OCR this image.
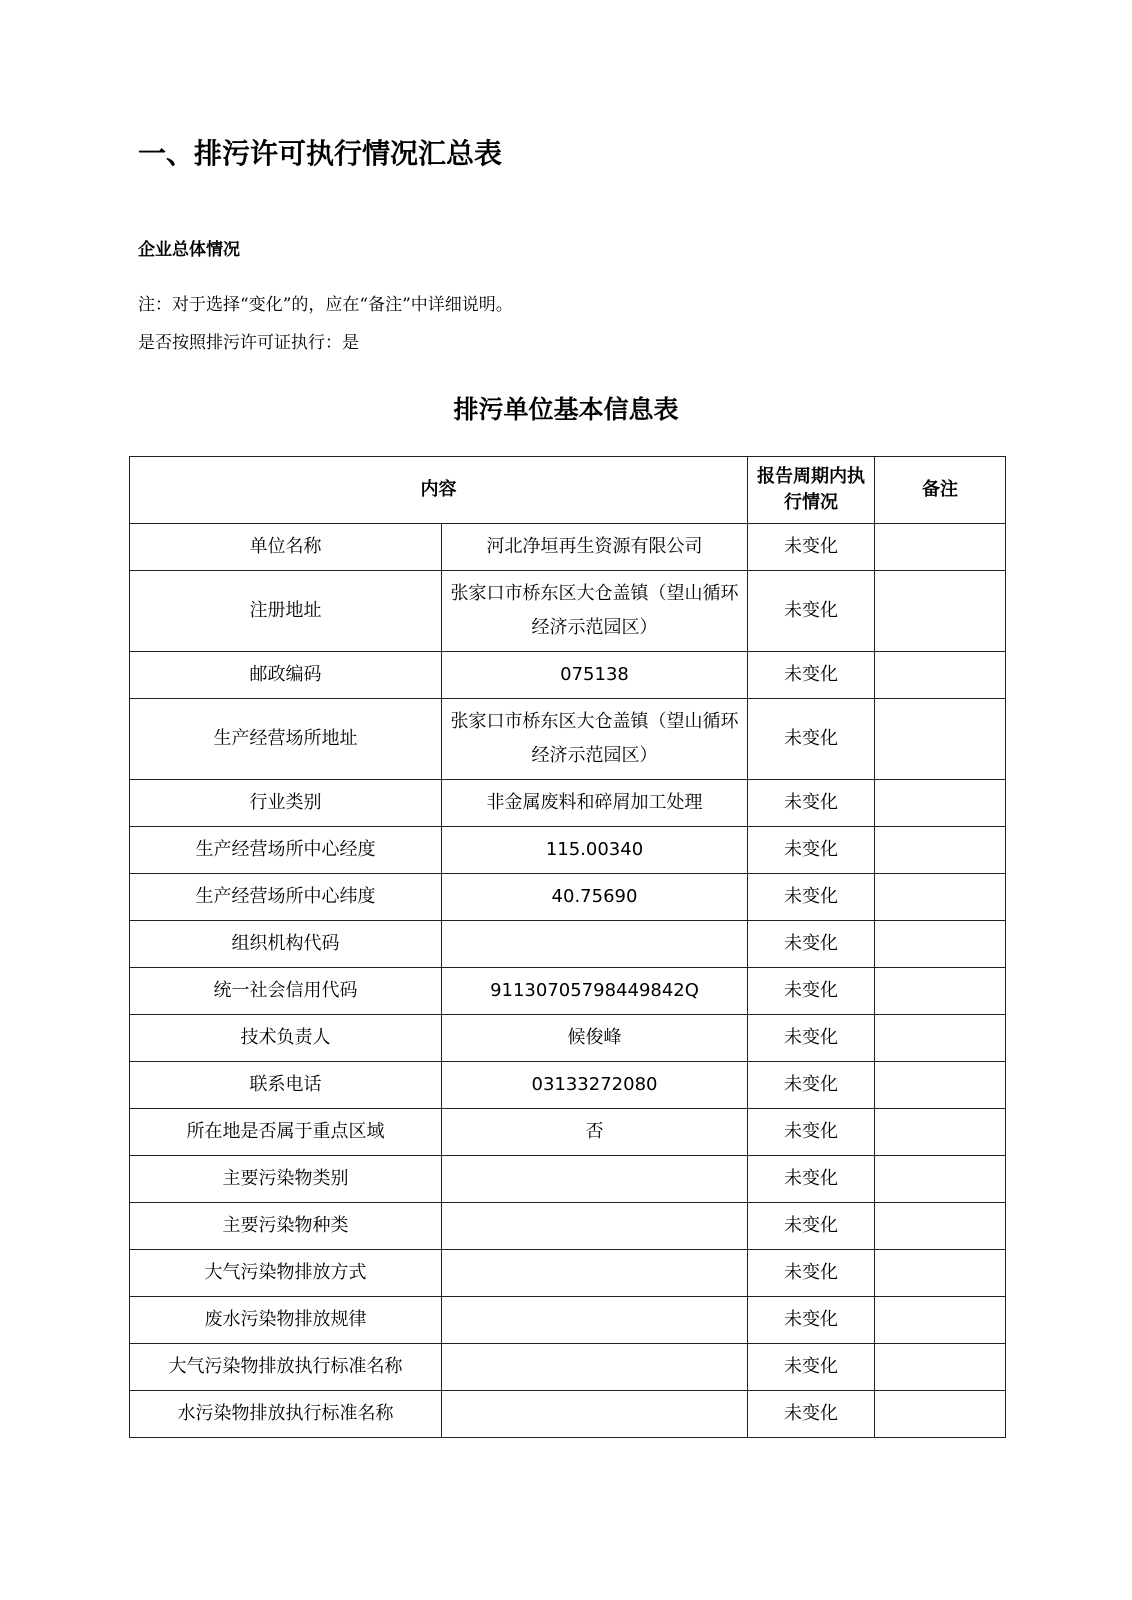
一、排污许可执行情况汇总表
企业总体情况

注：对于选择“变化”的，应在“备注”中详细说明。

是否按照排污许可证执行：是

排污单位基本信息表
内容		报告周期内执行情况	备注
单位名称	河北净垣再生资源有限公司	未变化	
注册地址	张家口市桥东区大仓盖镇（望山循环经济示范园区）	未变化	
邮政编码	075138	未变化	
生产经营场所地址	张家口市桥东区大仓盖镇（望山循环经济示范园区）	未变化	
行业类别	非金属废料和碎屑加工处理	未变化	
生产经营场所中心经度	115.00340	未变化	
生产经营场所中心纬度	40.75690	未变化	
组织机构代码		未变化	
统一社会信用代码	91130705798449842Q	未变化	
技术负责人	候俊峰	未变化	
联系电话	03133272080	未变化	
所在地是否属于重点区域	否	未变化	
主要污染物类别		未变化	
主要污染物种类		未变化	
大气污染物排放方式		未变化	
废水污染物排放规律		未变化	
大气污染物排放执行标准名称		未变化	
水污染物排放执行标准名称		未变化	
